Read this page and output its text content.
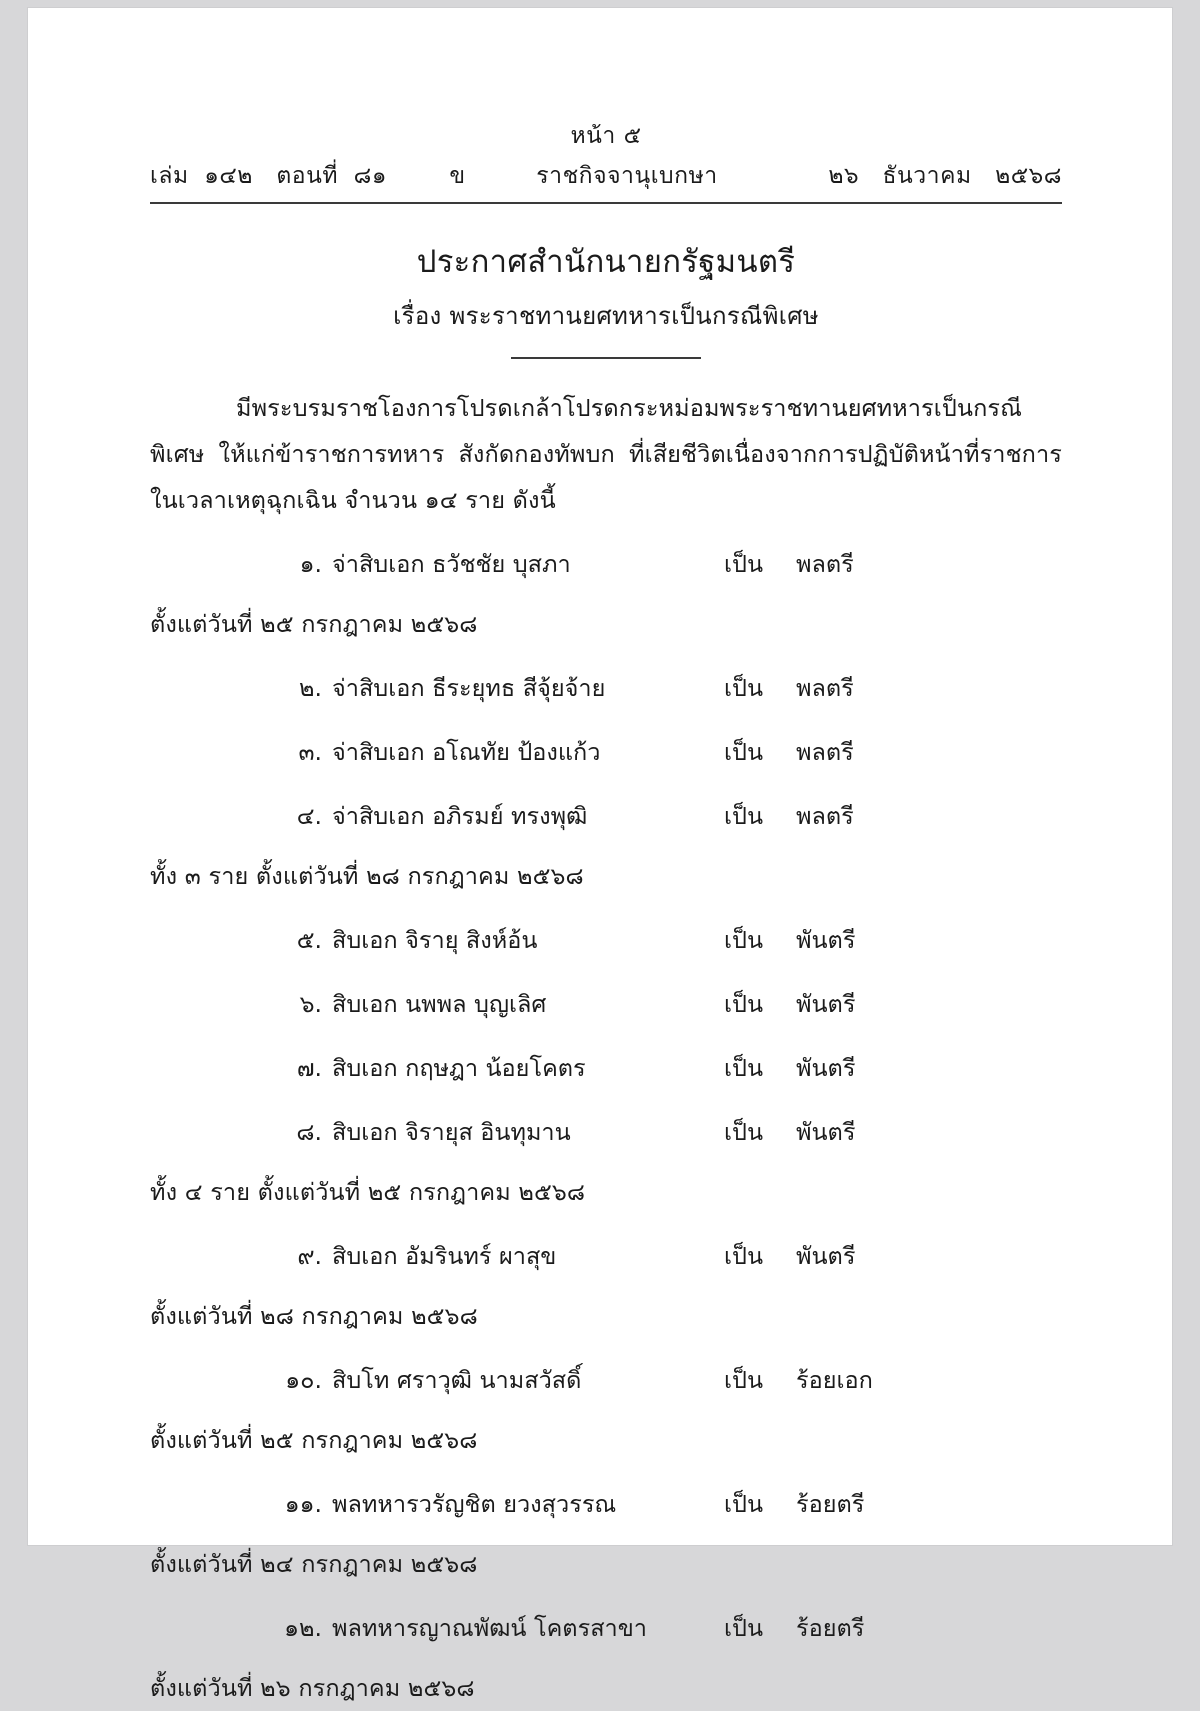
หน้า ๕
เล่ม  ๑๔๒   ตอนที่  ๘๑        ข	ราชกิจจานุเบกษา	๒๖   ธันวาคม   ๒๕๖๘
ประกาศสำนักนายกรัฐมนตรี
เรื่อง พระราชทานยศทหารเป็นกรณีพิเศษ
มีพระบรมราชโองการโปรดเกล้าโปรดกระหม่อมพระราชทานยศทหารเป็นกรณีพิเศษ ให้แก่ข้าราชการทหาร สังกัดกองทัพบก ที่เสียชีวิตเนื่องจากการปฏิบัติหน้าที่ราชการในเวลาเหตุฉุกเฉิน จำนวน ๑๔ ราย ดังนี้
๑. จ่าสิบเอก ธวัชชัย บุสภา	เป็น	พลตรี
ตั้งแต่วันที่ ๒๕ กรกฎาคม ๒๕๖๘
๒. จ่าสิบเอก ธีระยุทธ สีจุ้ยจ้าย	เป็น	พลตรี
๓. จ่าสิบเอก อโณทัย ป้องแก้ว	เป็น	พลตรี
๔. จ่าสิบเอก อภิรมย์ ทรงพุฒิ	เป็น	พลตรี
ทั้ง ๓ ราย ตั้งแต่วันที่ ๒๘ กรกฎาคม ๒๕๖๘
๕. สิบเอก จิรายุ สิงห์อ้น	เป็น	พันตรี
๖. สิบเอก นพพล บุญเลิศ	เป็น	พันตรี
๗. สิบเอก กฤษฎา น้อยโคตร	เป็น	พันตรี
๘. สิบเอก จิรายุส อินทุมาน	เป็น	พันตรี
ทั้ง ๔ ราย ตั้งแต่วันที่ ๒๕ กรกฎาคม ๒๕๖๘
๙. สิบเอก อัมรินทร์ ผาสุข	เป็น	พันตรี
ตั้งแต่วันที่ ๒๘ กรกฎาคม ๒๕๖๘
๑๐. สิบโท ศราวุฒิ นามสวัสดิ์	เป็น	ร้อยเอก
ตั้งแต่วันที่ ๒๕ กรกฎาคม ๒๕๖๘
๑๑. พลทหารวรัญชิต ยวงสุวรรณ	เป็น	ร้อยตรี
ตั้งแต่วันที่ ๒๔ กรกฎาคม ๒๕๖๘
๑๒. พลทหารญาณพัฒน์ โคตรสาขา	เป็น	ร้อยตรี
ตั้งแต่วันที่ ๒๖ กรกฎาคม ๒๕๖๘
